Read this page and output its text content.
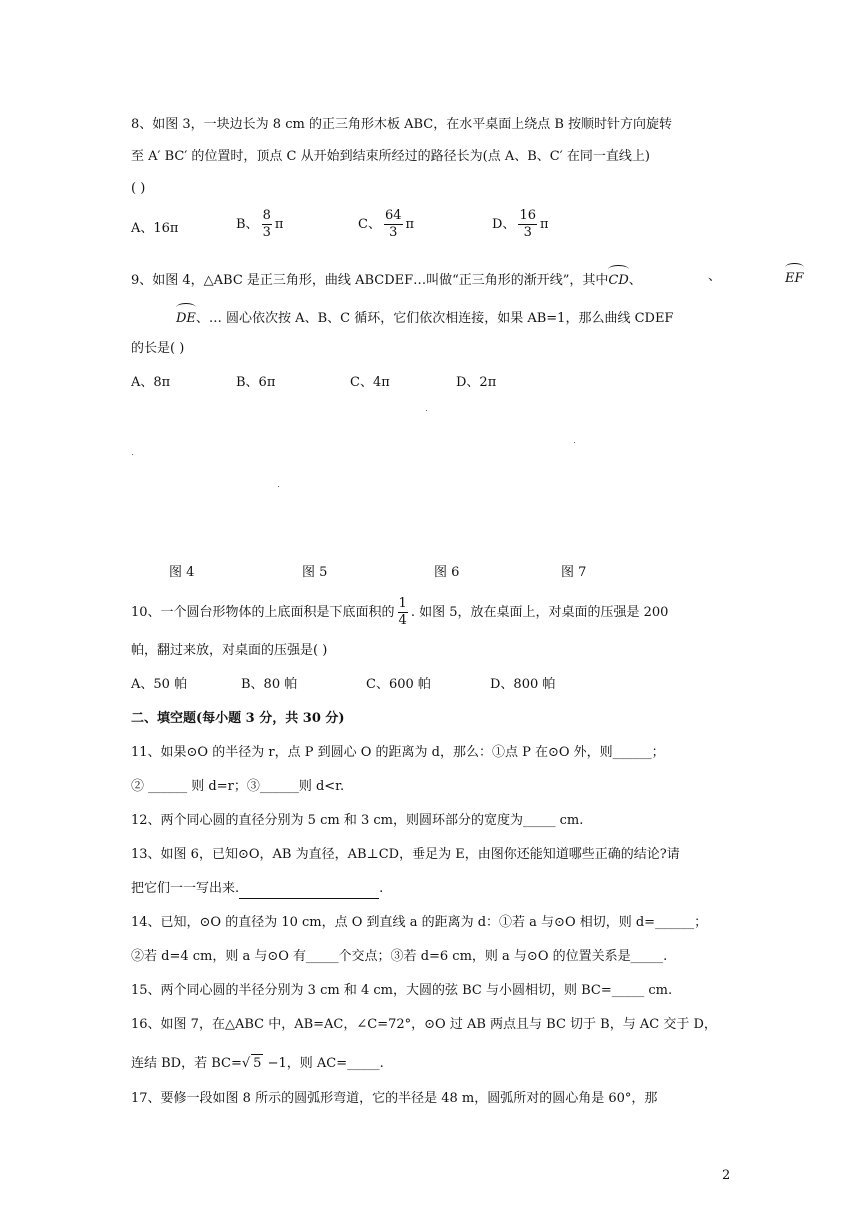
8、如图 3，一块边长为 8 cm 的正三角形木板 ABC，在水平桌面上绕点 B 按顺时针方向旋转
至 A′ BC′ 的位置时，顶点 C 从开始到结束所经过的路径长为(点 A、B、C′ 在同一直线上)
( )
A、16π	B、 $\frac{8}{3}$ π	C、 $\frac{64}{3}$ π	D、 $\frac{16}{3}$ π
9、如图 4，△ABC 是正三角形，曲线 ABCDEF…叫做“正三角形的渐开线”，其中CD、	、	EF
DE、… 圆心依次按 A、B、C 循环，它们依次相连接，如果 AB=1，那么曲线 CDEF
的长是( )
A、8π	B、6π	C、4π	D、2π
图 4	图 5	图 6	图 7
10、一个圆台形物体的上底面积是下底面积的 $\frac{1}{4}$ . 如图 5，放在桌面上，对桌面的压强是 200
帕，翻过来放，对桌面的压强是( )
A、50 帕	B、80 帕	C、600 帕	D、800 帕
二、填空题(每小题 3 分，共 30 分)
11、如果⊙O 的半径为 r，点 P 到圆心 O 的距离为 d，那么：①点 P 在⊙O 外，则______；
② ______ 则 d=r；③______则 d<r.
12、两个同心圆的直径分别为 5 cm 和 3 cm，则圆环部分的宽度为_____ cm.
13、如图 6，已知⊙O，AB 为直径，AB⊥CD，垂足为 E，由图你还能知道哪些正确的结论?请
把它们一一写出来.	.
14、已知，⊙O 的直径为 10 cm，点 O 到直线 a 的距离为 d：①若 a 与⊙O 相切，则 d=______；
②若 d=4 cm，则 a 与⊙O 有_____个交点；③若 d=6 cm，则 a 与⊙O 的位置关系是_____.
15、两个同心圆的半径分别为 3 cm 和 4 cm，大圆的弦 BC 与小圆相切，则 BC=_____ cm.
16、如图 7，在△ABC 中，AB=AC，∠C=72°，⊙O 过 AB 两点且与 BC 切于 B，与 AC 交于 D，
连结 BD，若 BC=√ 5 −1，则 AC=_____.
17、要修一段如图 8 所示的圆弧形弯道，它的半径是 48 m，圆弧所对的圆心角是 60°，那
2
